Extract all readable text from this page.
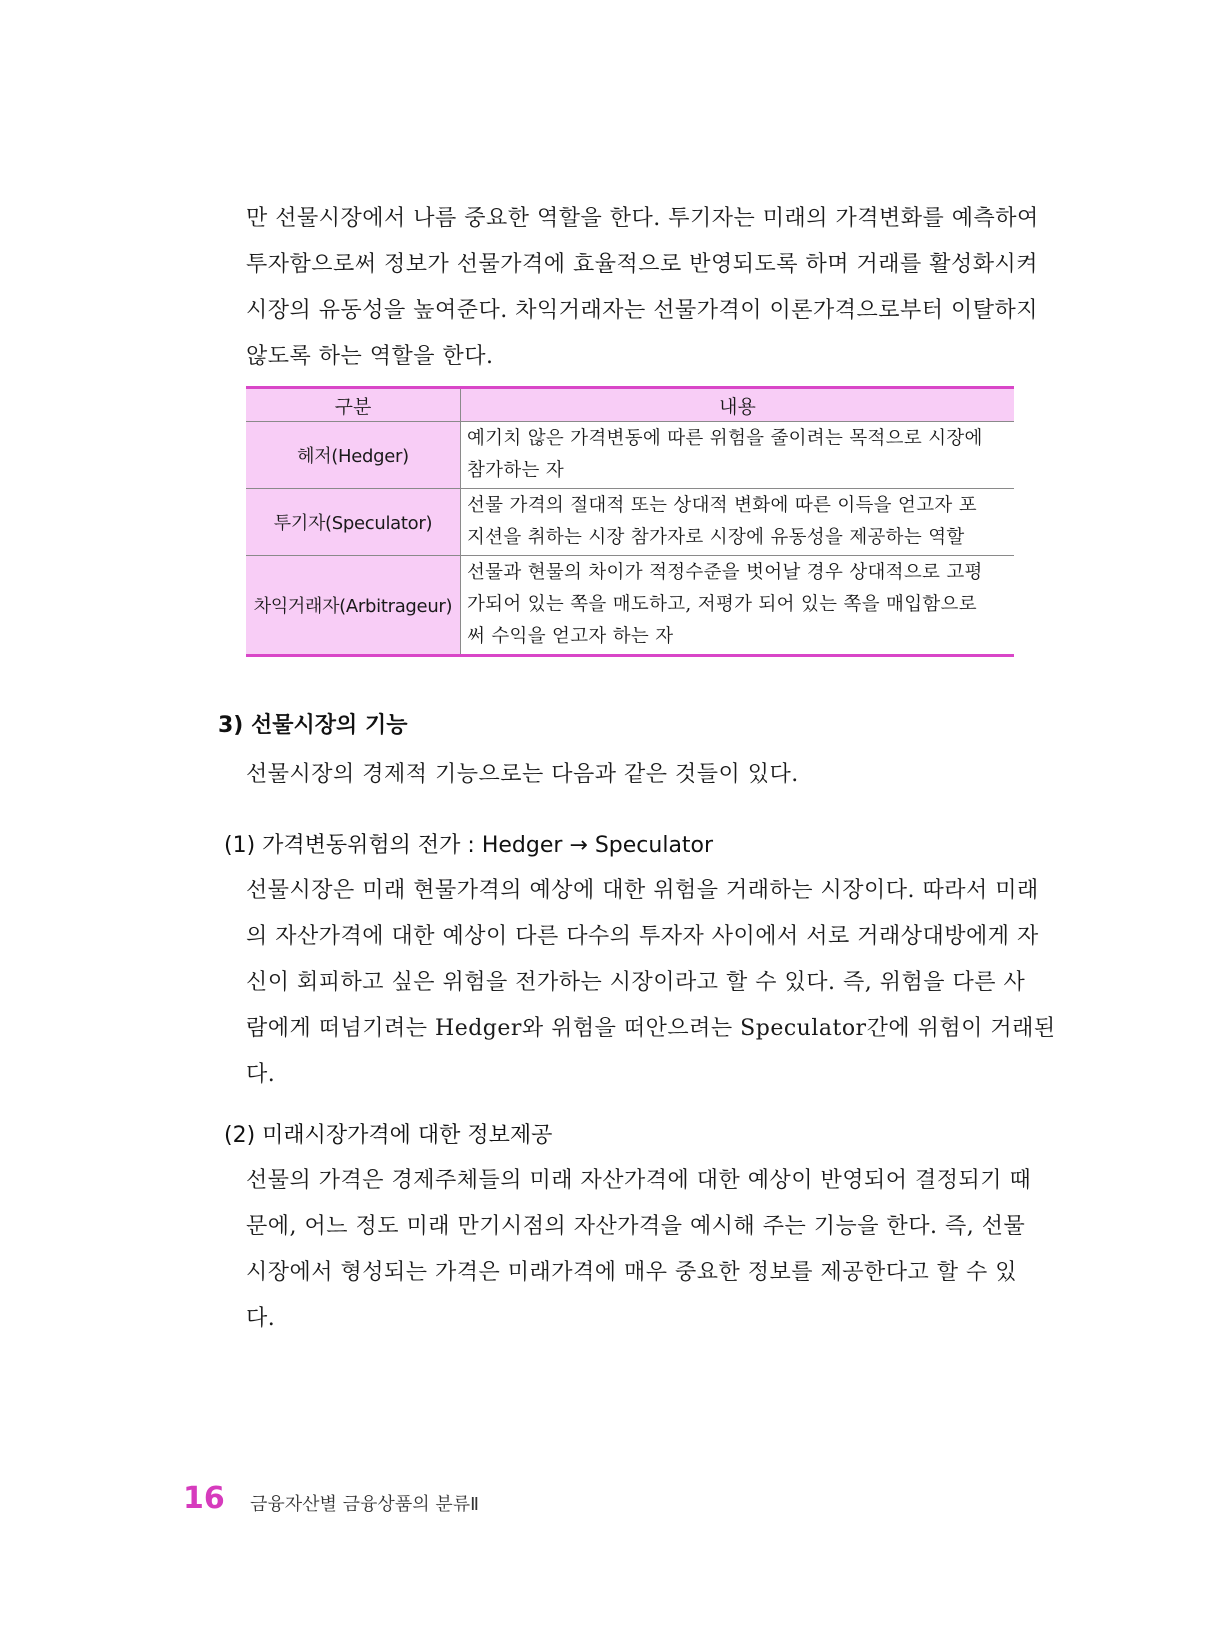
만 선물시장에서 나름 중요한 역할을 한다. 투기자는 미래의 가격변화를 예측하여
투자함으로써 정보가 선물가격에 효율적으로 반영되도록 하며 거래를 활성화시켜
시장의 유동성을 높여준다. 차익거래자는 선물가격이 이론가격으로부터 이탈하지
않도록 하는 역할을 한다.

구분	내용
헤저(Hedger)	예기치 않은 가격변동에 따른 위험을 줄이려는 목적으로 시장에
참가하는 자

투기자(Speculator)	선물 가격의 절대적 또는 상대적 변화에 따른 이득을 얻고자 포
지션을 취하는 시장 참가자로 시장에 유동성을 제공하는 역할

차익거래자(Arbitrageur)	선물과 현물의 차이가 적정수준을 벗어날 경우 상대적으로 고평
가되어 있는 쪽을 매도하고, 저평가 되어 있는 쪽을 매입함으로
써 수익을 얻고자 하는 자
3) 선물시장의 기능

선물시장의 경제적 기능으로는 다음과 같은 것들이 있다.

(1) 가격변동위험의 전가 : Hedger → Speculator

선물시장은 미래 현물가격의 예상에 대한 위험을 거래하는 시장이다. 따라서 미래
의 자산가격에 대한 예상이 다른 다수의 투자자 사이에서 서로 거래상대방에게 자
신이 회피하고 싶은 위험을 전가하는 시장이라고 할 수 있다. 즉, 위험을 다른 사
람에게 떠넘기려는 Hedger와 위험을 떠안으려는 Speculator간에 위험이 거래된
다.

(2) 미래시장가격에 대한 정보제공

선물의 가격은 경제주체들의 미래 자산가격에 대한 예상이 반영되어 결정되기 때
문에, 어느 정도 미래 만기시점의 자산가격을 예시해 주는 기능을 한다. 즉, 선물
시장에서 형성되는 가격은 미래가격에 매우 중요한 정보를 제공한다고 할 수 있
다.

16 금융자산별 금융상품의 분류Ⅱ
